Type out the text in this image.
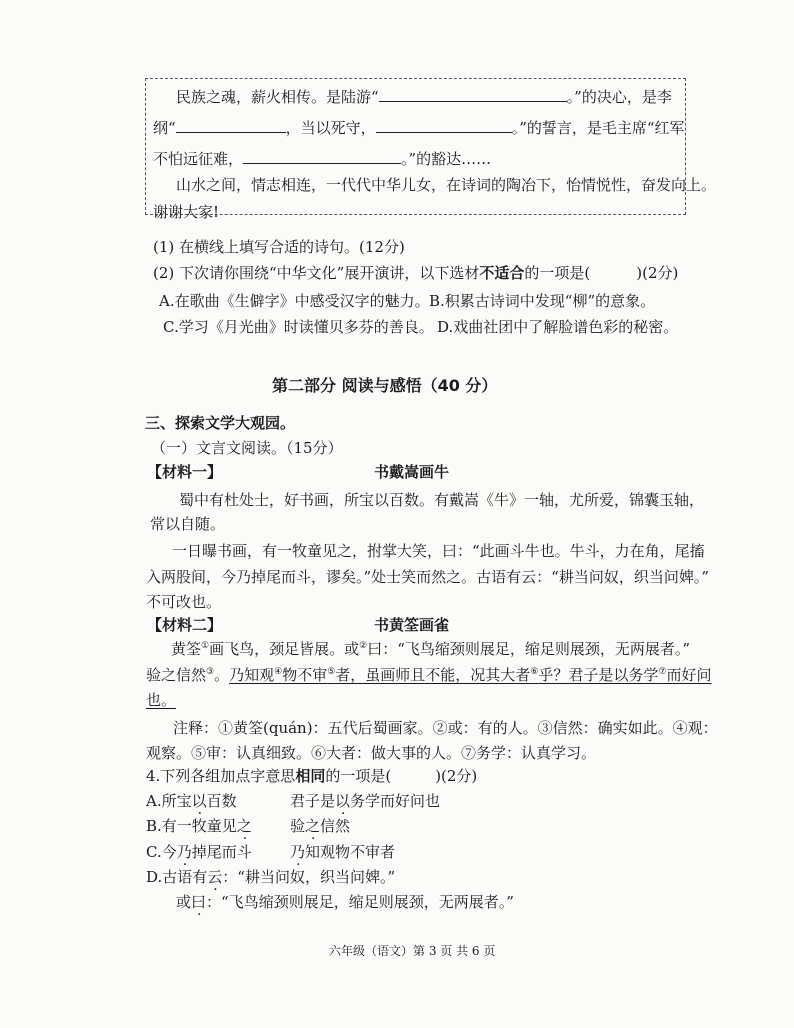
民族之魂，薪火相传。是陆游“	。”的决心，是李
纲“	，当以死守，	。”的誓言，是毛主席“红军
不怕远征难，	。”的豁达……
山水之间，情志相连，一代代中华儿女，在诗词的陶冶下，怡情悦性，奋发向上。
谢谢大家!
(1) 在横线上填写合适的诗句。(12分)
(2) 下次请你围绕“中华文化”展开演讲，以下选材不适合的一项是(	)(2分)
A.在歌曲《生僻字》中感受汉字的魅力。 B.积累古诗词中发现“柳”的意象。
C.学习《月光曲》时读懂贝多芬的善良。 D.戏曲社团中了解脸谱色彩的秘密。
第二部分 阅读与感悟（40 分）
三、探索文学大观园。
（一）文言文阅读。（15分）
【材料一】	书戴嵩画牛
蜀中有杜处士，好书画，所宝以百数。有戴嵩《牛》一轴，尤所爱，锦囊玉轴，
常以自随。
一日曝书画，有一牧童见之，拊掌大笑，曰：“此画斗牛也。牛斗，力在角，尾搐
入两股间，今乃掉尾而斗，谬矣。”处士笑而然之。古语有云：“耕当问奴，织当问婢。”
不可改也。
【材料二】	书黄筌画雀
黄筌①画飞鸟，颈足皆展。或②曰：“飞鸟缩颈则展足，缩足则展颈，无两展者。”
验之信然③。乃知观④物不审⑤者，虽画师且不能，况其大者⑥乎？君子是以务学⑦而好问
也。
注释：①黄筌(quán)：五代后蜀画家。②或：有的人。③信然：确实如此。④观：
观察。⑤审：认真细致。⑥大者：做大事的人。⑦务学：认真学习。
4.下列各组加点字意思相同的一项是(	)(2分)
A.所宝以百数	君子是以务学而好问也
B.有一牧童见之	验之信然
C.今乃掉尾而斗	乃知观物不审者
D.古语有云：“耕当问奴，织当问婢。”
或曰：“飞鸟缩颈则展足，缩足则展颈，无两展者。”
六年级（语文）第 3 页 共 6 页
